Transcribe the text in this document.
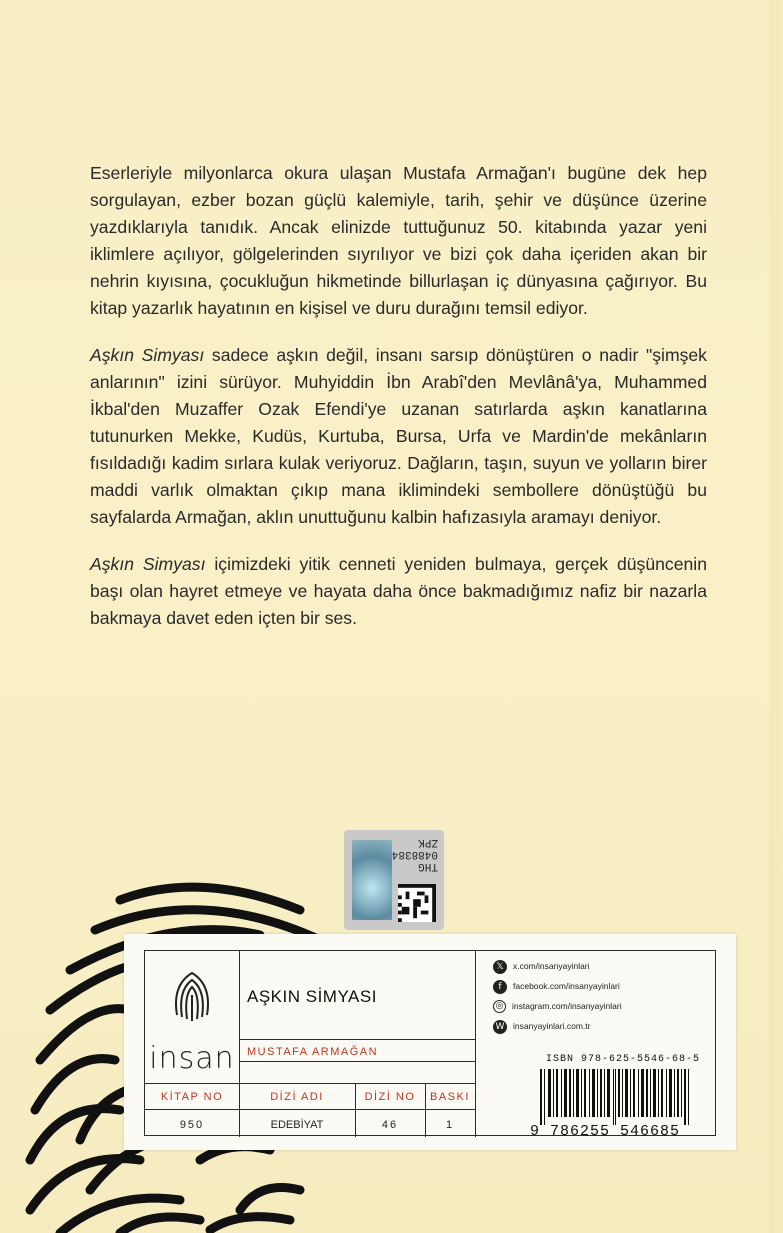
Eserleriyle milyonlarca okura ulaşan Mustafa Armağan'ı bugüne dek hep sorgulayan, ezber bozan güçlü kalemiyle, tarih, şehir ve düşünce üzerine yazdıklarıyla tanıdık. Ancak elinizde tuttuğunuz 50. kitabında yazar yeni iklimlere açılıyor, gölgelerinden sıyrılıyor ve bizi çok daha içeriden akan bir nehrin kıyısına, çocukluğun hikmetinde billurlaşan iç dünyasına çağırıyor. Bu kitap yazarlık hayatının en kişisel ve duru durağını temsil ediyor.

Aşkın Simyası sadece aşkın değil, insanı sarsıp dönüştüren o nadir "şimşek anlarının" izini sürüyor. Muhyiddin İbn Arabî'den Mevlânâ'ya, Muhammed İkbal'den Muzaffer Ozak Efendi'ye uzanan satırlarda aşkın kanatlarına tutunurken Mekke, Kudüs, Kurtuba, Bursa, Urfa ve Mardin'de mekânların fısıldadığı kadim sırlara kulak veriyoruz. Dağların, taşın, suyun ve yolların birer maddi varlık olmaktan çıkıp mana iklimindeki sembollere dönüştüğü bu sayfalarda Armağan, aklın unuttuğunu kalbin hafızasıyla aramayı deniyor.

Aşkın Simyası içimizdeki yitik cenneti yeniden bulmaya, gerçek düşüncenin başı olan hayret etmeye ve hayata daha önce bakmadığımız nafiz bir nazarla bakmaya davet eden içten bir ses.

THG
0488384
ZPK
insan
AŞKIN SİMYASI
MUSTAFA ARMAĞAN
KİTAP NO	DİZİ ADI	DİZİ NO	BASKI
950	EDEBİYAT	46	1
𝕏 x.com/insanyayinlari
f facebook.com/insanyayinlari
◎ instagram.com/insanyayinlari
W insanyayinlari.com.tr
ISBN 978-625-5546-68-5
9 786255 546685
